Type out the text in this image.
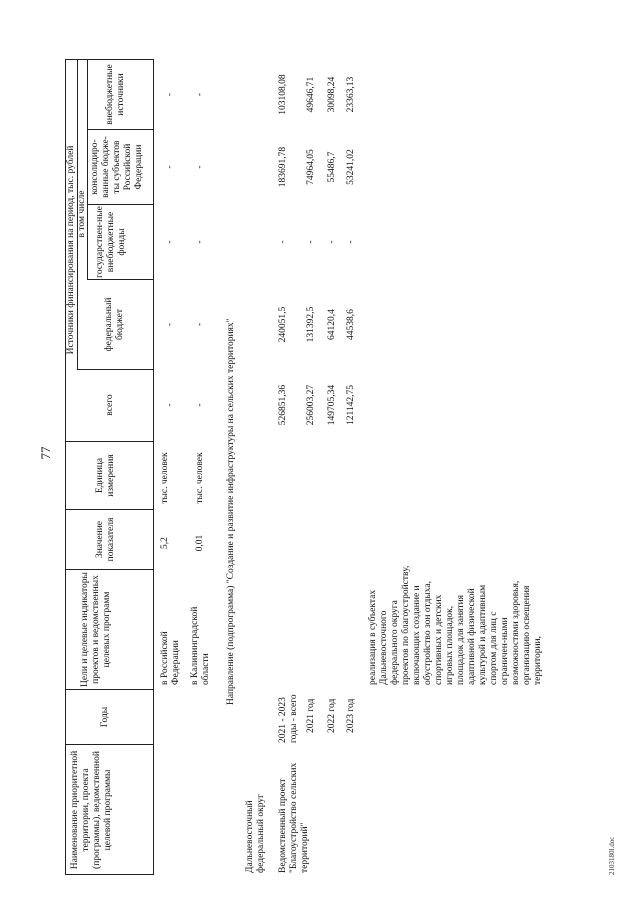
77
Наименование приоритетной территории, проекта (программы), ведомственной целевой программы
Годы
Цели и целевые индикаторы проектов и ведомственных целевых программ
Значение показателя
Единица измерения
Источники финансирования на период, тыс. рублей
всего
в том числе
федеральный бюджет
государствен-ные внебюджетные фонды
консолидиро-ванные бюдже-ты субъектов Российской Федерации
внебюджетные источники
в Российской Федерации
5,2
тыс. человек
-
-
-
-
-
в Калининградской области
0,01
тыс. человек
-
-
-
-
-
Направление (подпрограмма) "Создание и развитие инфраструктуры на сельских территориях"
Дальневосточный федеральный округ Ведомственный проект "Благоустройство сельских территорий"
2021 - 2023 годы - всего
526851,36
240051,5
-
183691,78
103108,08
2021 год
256003,27
131392,5
-
74964,05
49646,71
2022 год
149705,34
64120,4
-
55486,7
30098,24
2023 год
121142,75
44538,6
-
53241,02
23363,13
реализация в субъектах Дальневосточного федерального округа проектов по благоустройству, включающих создание и обустройство зон отдыха, спортивных и детских игровых площадок, площадок для занятия адаптивной физической культурой и адаптивным спортом для лиц с ограничен-ными возможностями здоровья, организацию освещения территории,
2103180l.doc
